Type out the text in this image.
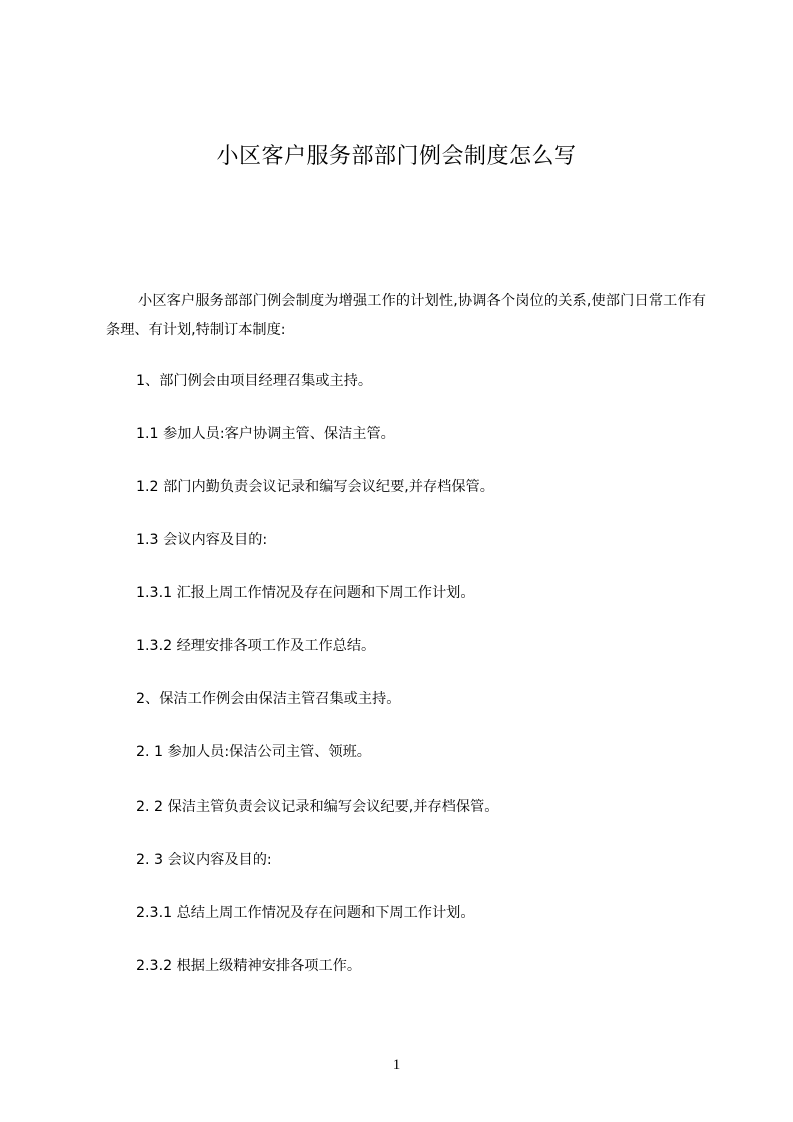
小区客户服务部部门例会制度怎么写

小区客户服务部部门例会制度为增强工作的计划性,协调各个岗位的关系,使部门日常工作有条理、有计划,特制订本制度:

1、部门例会由项目经理召集或主持。

1.1 参加人员:客户协调主管、保洁主管。

1.2 部门内勤负责会议记录和编写会议纪要,并存档保管。

1.3 会议内容及目的:

1.3.1 汇报上周工作情况及存在问题和下周工作计划。

1.3.2 经理安排各项工作及工作总结。

2、保洁工作例会由保洁主管召集或主持。

2. 1 参加人员:保洁公司主管、领班。

2. 2 保洁主管负责会议记录和编写会议纪要,并存档保管。

2. 3 会议内容及目的:

2.3.1 总结上周工作情况及存在问题和下周工作计划。

2.3.2 根据上级精神安排各项工作。

1
